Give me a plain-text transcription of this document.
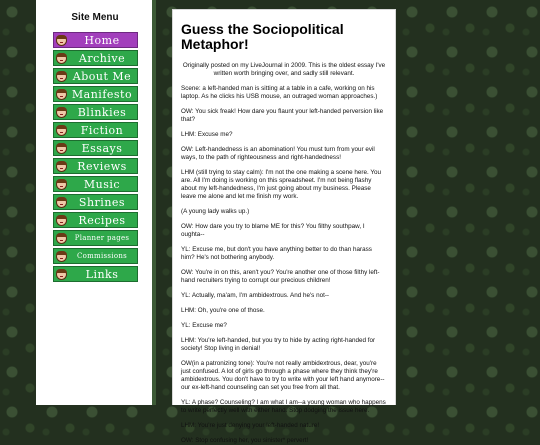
Site Menu
Home
Archive
About Me
Manifesto
Blinkies
Fiction
Essays
Reviews
Music
Shrines
Recipes
Planner pages
Commissions
Links
Guess the Sociopolitical Metaphor!

Originally posted on my LiveJournal in 2009. This is the oldest essay I've written worth bringing over, and sadly still relevant.

Scene: a left-handed man is sitting at a table in a cafe, working on his laptop. As he clicks his USB mouse, an outraged woman approaches.)

OW: You sick freak! How dare you flaunt your left-handed perversion like that?

LHM: Excuse me?

OW: Left-handedness is an abomination! You must turn from your evil ways, to the path of righteousness and right-handedness!

LHM (still trying to stay calm): I'm not the one making a scene here. You are. All I'm doing is working on this spreadsheet. I'm not being flashy about my left-handedness, I'm just going about my business. Please leave me alone and let me finish my work.

(A young lady walks up.)

OW: How dare you try to blame ME for this? You filthy southpaw, I oughta--

YL: Excuse me, but don't you have anything better to do than harass him? He's not bothering anybody.

OW: You're in on this, aren't you? You're another one of those filthy left-hand recruiters trying to corrupt our precious children!

YL: Actually, ma'am, I'm ambidextrous. And he's not--

LHM: Oh, you're one of those.

YL: Excuse me?

LHM: You're left-handed, but you try to hide by acting right-handed for society! Stop living in denial!

OW(in a patronizing tone): You're not really ambidextrous, dear, you're just confused. A lot of girls go through a phase where they think they're ambidextrous. You don't have to try to write with your left hand anymore--our ex-left-hand counseling can set you free from all that.

YL: A phase? Counseling? I am what I am--a young woman who happens to write perfectly well with either hand. Stop dodging the issue here.

LHM: You're just denying your left-handed nature!

OW: Stop confusing her, you sinister* pervert!
